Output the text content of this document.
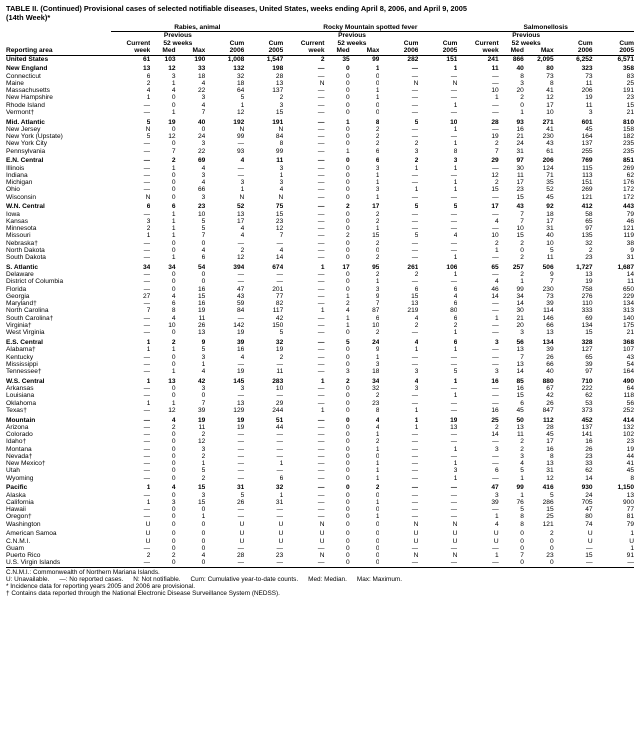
TABLE II. (Continued) Provisional cases of selected notifiable diseases, United States, weeks ending April 8, 2006, and April 9, 2005
(14th Week)*
	Rabies, animal					Rocky Mountain spotted fever					Salmonellosis				
		Previous					Previous					Previous			
	Current	52 weeks		Cum	Cum	Current	52 weeks		Cum	Cum	Current	52 weeks		Cum	Cum
Reporting area	week	Med	Max	2006	2005	week	Med	Max	2006	2005	week	Med	Max	2006	2005
United States	61	103	190	1,008	1,547	2	35	99	282	151	241	866	2,095	6,252	6,571
New England	13	12	33	132	198	—	0	1	—	1	11	40	80	323	358
Connecticut	6	3	18	32	28	—	0	0	—	—	—	8	73	73	83
Maine	2	1	4	18	13	N	0	0	N	N	—	3	8	11	25
Massachusetts	4	4	22	64	137	—	0	1	—	—	10	20	41	206	191
New Hampshire	1	0	3	5	2	—	0	1	—	—	1	2	12	19	23
Rhode Island	—	0	4	1	3	—	0	0	—	1	—	0	17	11	15
Vermont†	—	1	7	12	15	—	0	0	—	—	—	1	10	3	21
Mid. Atlantic	5	19	40	192	191	—	1	8	5	10	28	93	271	601	810
New Jersey	N	0	0	N	N	—	0	2	—	1	—	16	41	45	158
New York (Upstate)	5	12	24	99	84	—	0	2	—	—	19	21	230	164	182
New York City	—	0	3	—	8	—	0	2	2	1	2	24	43	137	235
Pennsylvania	—	7	22	93	99	—	1	6	3	8	7	31	61	255	235
E.N. Central	—	2	69	4	11	—	0	6	2	3	29	97	206	769	851
Illinois	—	1	4	—	3	—	0	3	1	1	—	30	124	115	269
Indiana	—	0	3	—	1	—	0	1	—	—	12	11	71	113	62
Michigan	—	0	4	3	3	—	0	1	—	1	2	17	35	151	176
Ohio	—	0	66	1	4	—	0	3	1	1	15	23	52	269	172
Wisconsin	N	0	3	N	N	—	0	1	—	—	—	15	45	121	172
W.N. Central	6	6	23	52	75	—	2	17	5	5	17	43	92	412	443
Iowa	—	1	10	13	15	—	0	2	—	—	—	7	18	58	79
Kansas	3	1	5	17	23	—	0	2	—	—	4	7	17	65	46
Minnesota	2	1	5	4	12	—	0	1	—	—	—	10	31	97	121
Missouri	1	1	7	4	7	—	2	15	5	4	10	15	40	135	119
Nebraska†	—	0	0	—	—	—	0	2	—	—	2	2	10	32	38
North Dakota	—	0	4	2	4	—	0	0	—	—	1	0	5	2	9
South Dakota	—	1	6	12	14	—	0	2	—	1	—	2	11	23	31
S. Atlantic	34	34	54	394	674	1	17	95	261	106	65	257	506	1,727	1,687
Delaware	—	0	0	—	—	—	0	2	2	1	—	2	9	13	14
District of Columbia	—	0	0	—	—	—	0	1	—	—	4	1	7	19	11
Florida	—	0	16	47	201	—	0	3	6	6	46	99	230	758	650
Georgia	27	4	15	43	77	—	1	9	15	4	14	34	73	276	229
Maryland†	—	6	16	59	82	—	2	7	13	6	—	14	39	110	134
North Carolina	7	8	19	84	117	1	4	87	219	80	—	30	114	333	313
South Carolina†	—	4	11	—	42	—	1	6	4	6	1	21	146	69	140
Virginia†	—	10	26	142	150	—	1	10	2	2	—	20	66	134	175
West Virginia	—	0	13	19	5	—	0	2	—	1	—	3	13	15	21
E.S. Central	1	2	9	39	32	—	5	24	4	6	3	56	134	328	368
Alabama†	1	1	5	16	19	—	0	9	1	1	—	13	39	127	107
Kentucky	—	0	3	4	2	—	0	1	—	—	—	7	26	65	43
Mississippi	—	0	1	—	—	—	0	3	—	—	—	13	66	39	54
Tennessee†	—	1	4	19	11	—	3	18	3	5	3	14	40	97	164
W.S. Central	1	13	42	145	283	1	2	34	4	1	16	85	880	710	490
Arkansas	—	0	3	3	10	—	0	32	3	—	—	16	67	222	64
Louisiana	—	0	0	—	—	—	0	2	—	1	—	15	42	62	118
Oklahoma	1	1	7	13	29	—	0	23	—	—	—	6	26	53	56
Texas†	—	12	39	129	244	1	0	8	1	—	16	45	847	373	252
Mountain	—	4	19	19	51	—	0	4	1	19	25	50	112	452	414
Arizona	—	2	11	19	44	—	0	4	1	13	2	13	28	137	132
Colorado	—	0	2	—	—	—	0	1	—	—	14	11	45	141	102
Idaho†	—	0	12	—	—	—	0	2	—	—	—	2	17	16	23
Montana	—	0	3	—	—	—	0	1	—	1	3	2	16	26	19
Nevada†	—	0	2	—	—	—	0	0	—	—	—	3	8	23	44
New Mexico†	—	0	1	—	1	—	0	1	—	1	—	4	13	33	41
Utah	—	0	5	—	—	—	0	1	—	3	6	5	31	62	45
Wyoming	—	0	2	—	6	—	0	1	—	1	—	1	12	14	8
Pacific	1	4	15	31	32	—	0	2	—	—	47	99	416	930	1,150
Alaska	—	0	3	5	1	—	0	0	—	—	3	1	5	24	13
California	1	3	15	26	31	—	0	1	—	—	39	76	286	705	900
Hawaii	—	0	0	—	—	—	0	0	—	—	—	5	15	47	77
Oregon†	—	0	1	—	—	—	0	1	—	—	1	8	25	80	81
Washington	U	0	0	U	U	N	0	0	N	N	4	8	121	74	79
American Samoa	U	0	0	U	U	U	0	0	U	U	U	0	2	U	1
C.N.M.I.	U	0	0	U	U	U	0	0	U	U	U	0	0	U	U
Guam	—	0	0	—	—	—	0	0	—	—	—	0	0	—	1
Puerto Rico	2	2	4	28	23	N	0	0	N	N	1	7	23	15	91
U.S. Virgin Islands	—	0	0	—	—	—	0	0	—	—	—	0	0	—	—
C.N.M.I.: Commonwealth of Northern Mariana Islands.
U: Unavailable. —: No reported cases. N: Not notifiable. Cum: Cumulative year-to-date counts. Med: Median. Max: Maximum.
* Incidence data for reporting years 2005 and 2006 are provisional.
† Contains data reported through the National Electronic Disease Surveillance System (NEDSS).
